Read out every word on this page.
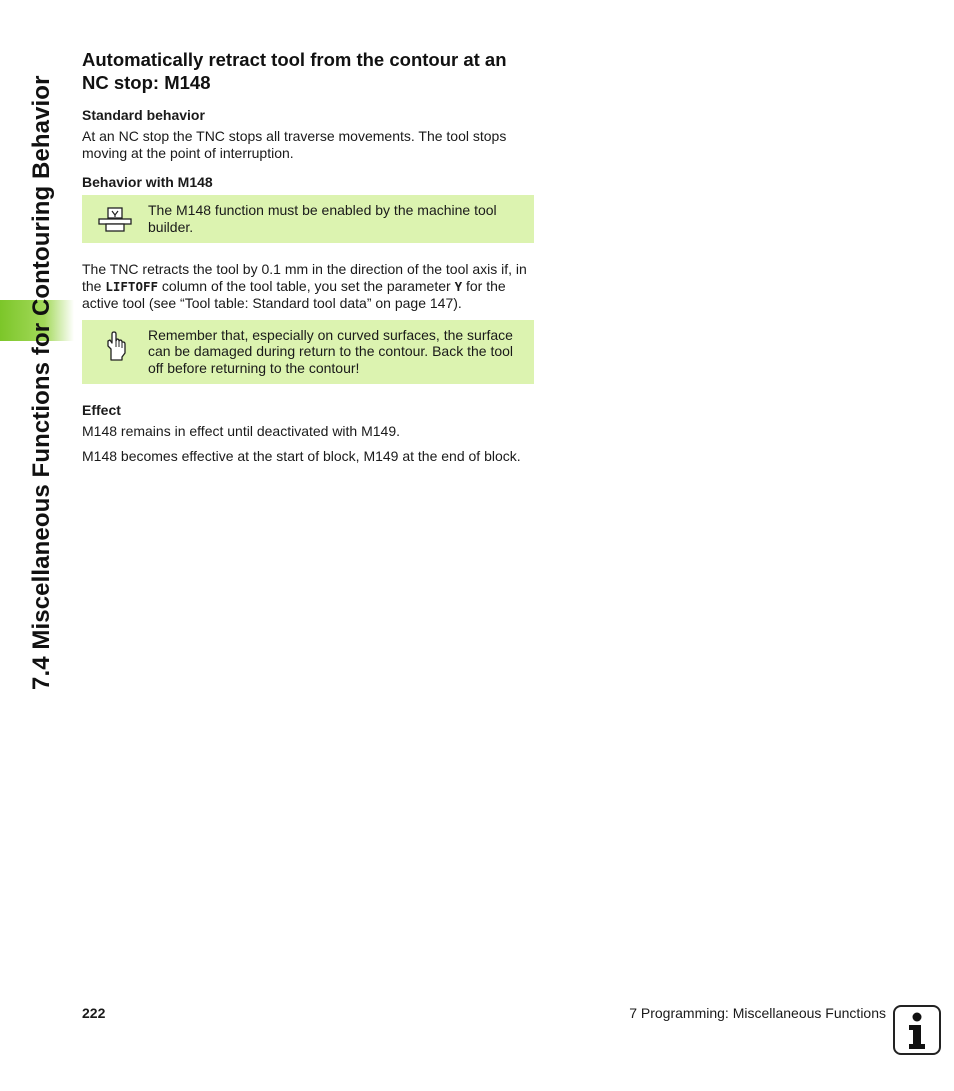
7.4 Miscellaneous Functions for Contouring Behavior
Automatically retract tool from the contour at an NC stop: M148
Standard behavior

At an NC stop the TNC stops all traverse movements. The tool stops moving at the point of interruption.

Behavior with M148
The M148 function must be enabled by the machine tool builder.

The TNC retracts the tool by 0.1 mm in the direction of the tool axis if, in the LIFTOFF column of the tool table, you set the parameter Y for the active tool (see “Tool table: Standard tool data” on page 147).

Remember that, especially on curved surfaces, the surface can be damaged during return to the contour. Back the tool off before returning to the contour!
Effect

M148 remains in effect until deactivated with M149.

M148 becomes effective at the start of block, M149 at the end of block.

222	7 Programming: Miscellaneous Functions
